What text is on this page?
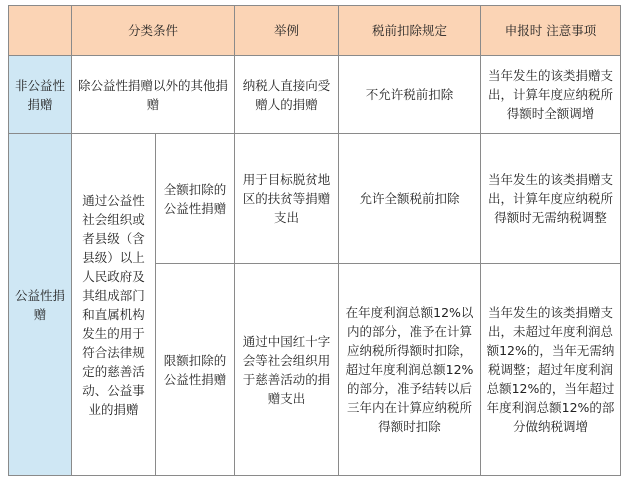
	分类条件		举例	税前扣除规定	申报时 注意事项
非公益性捐赠	除公益性捐赠以外的其他捐赠		纳税人直接向受赠人的捐赠	不允许税前扣除	当年发生的该类捐赠支出，计算年度应纳税所得额时全额调增
公益性捐赠	通过公益性社会组织或者县级（含县级）以上人民政府及其组成部门和直属机构发生的用于符合法律规定的慈善活动、公益事业的捐赠	全额扣除的公益性捐赠	用于目标脱贫地区的扶贫等捐赠支出	允许全额税前扣除	当年发生的该类捐赠支出，计算年度应纳税所得额时无需纳税调整
		限额扣除的公益性捐赠	通过中国红十字会等社会组织用于慈善活动的捐赠支出	在年度利润总额12%以内的部分，准予在计算应纳税所得额时扣除，超过年度利润总额12%的部分，准予结转以后三年内在计算应纳税所得额时扣除	当年发生的该类捐赠支出，未超过年度利润总额12%的，当年无需纳税调整；超过年度利润总额12%的，当年超过年度利润总额12%的部分做纳税调增
